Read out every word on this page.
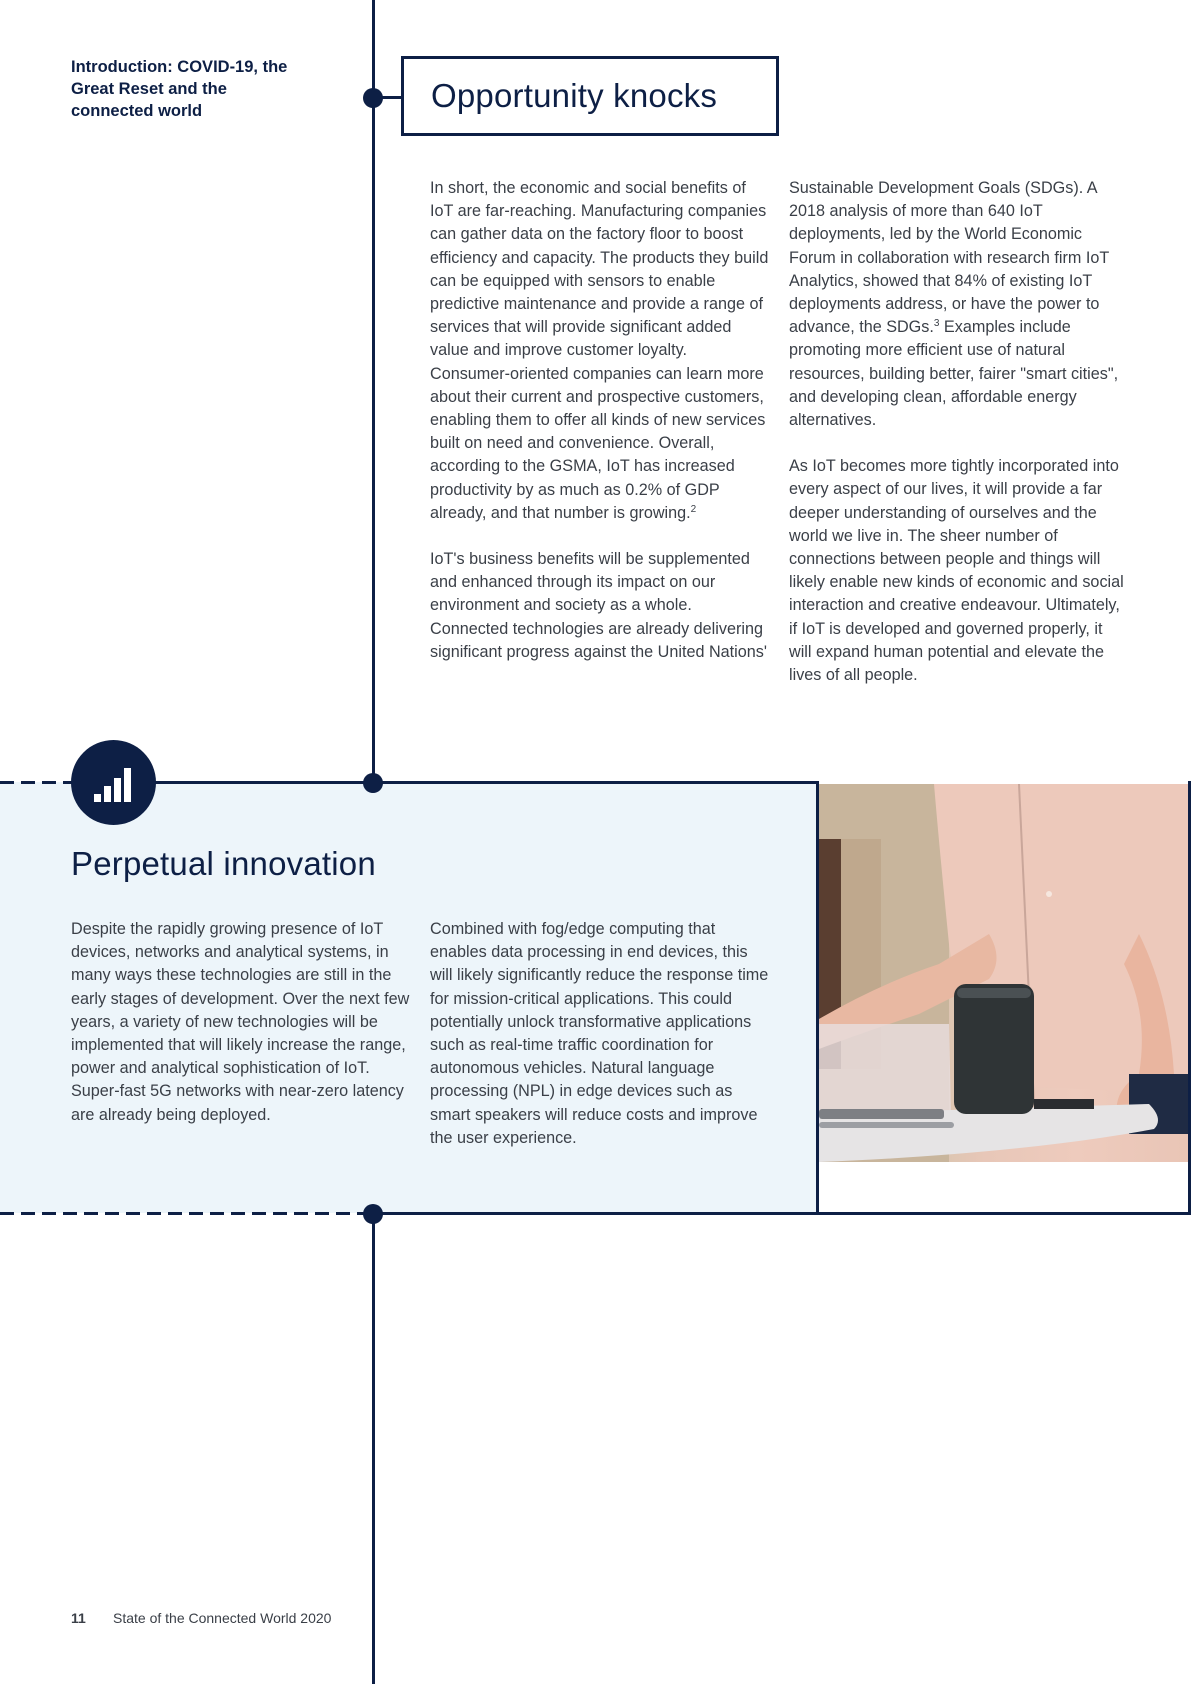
Introduction: COVID-19, the Great Reset and the connected world	Opportunity knocks

In short, the economic and social benefits of IoT are far-reaching. Manufacturing companies can gather data on the factory floor to boost efficiency and capacity. The products they build can be equipped with sensors to enable predictive maintenance and provide a range of services that will provide significant added value and improve customer loyalty. Consumer-oriented companies can learn more about their current and prospective customers, enabling them to offer all kinds of new services built on need and convenience. Overall, according to the GSMA, IoT has increased productivity by as much as 0.2% of GDP already, and that number is growing.$^2$

IoT's business benefits will be supplemented and enhanced through its impact on our environment and society as a whole. Connected technologies are already delivering significant progress against the United Nations'

Sustainable Development Goals (SDGs). A 2018 analysis of more than 640 IoT deployments, led by the World Economic Forum in collaboration with research firm IoT Analytics, showed that 84% of existing IoT deployments address, or have the power to advance, the SDGs.$^3$ Examples include promoting more efficient use of natural resources, building better, fairer "smart cities", and developing clean, affordable energy alternatives.

As IoT becomes more tightly incorporated into every aspect of our lives, it will provide a far deeper understanding of ourselves and the world we live in. The sheer number of connections between people and things will likely enable new kinds of economic and social interaction and creative endeavour. Ultimately, if IoT is developed and governed properly, it will expand human potential and elevate the lives of all people.

Perpetual innovation

Despite the rapidly growing presence of IoT devices, networks and analytical systems, in many ways these technologies are still in the early stages of development. Over the next few years, a variety of new technologies will be implemented that will likely increase the range, power and analytical sophistication of IoT. Super-fast 5G networks with near-zero latency are already being deployed.

Combined with fog/edge computing that enables data processing in end devices, this will likely significantly reduce the response time for mission-critical applications. This could potentially unlock transformative applications such as real-time traffic coordination for autonomous vehicles. Natural language processing (NPL) in edge devices such as smart speakers will reduce costs and improve the user experience.

11 State of the Connected World 2020
